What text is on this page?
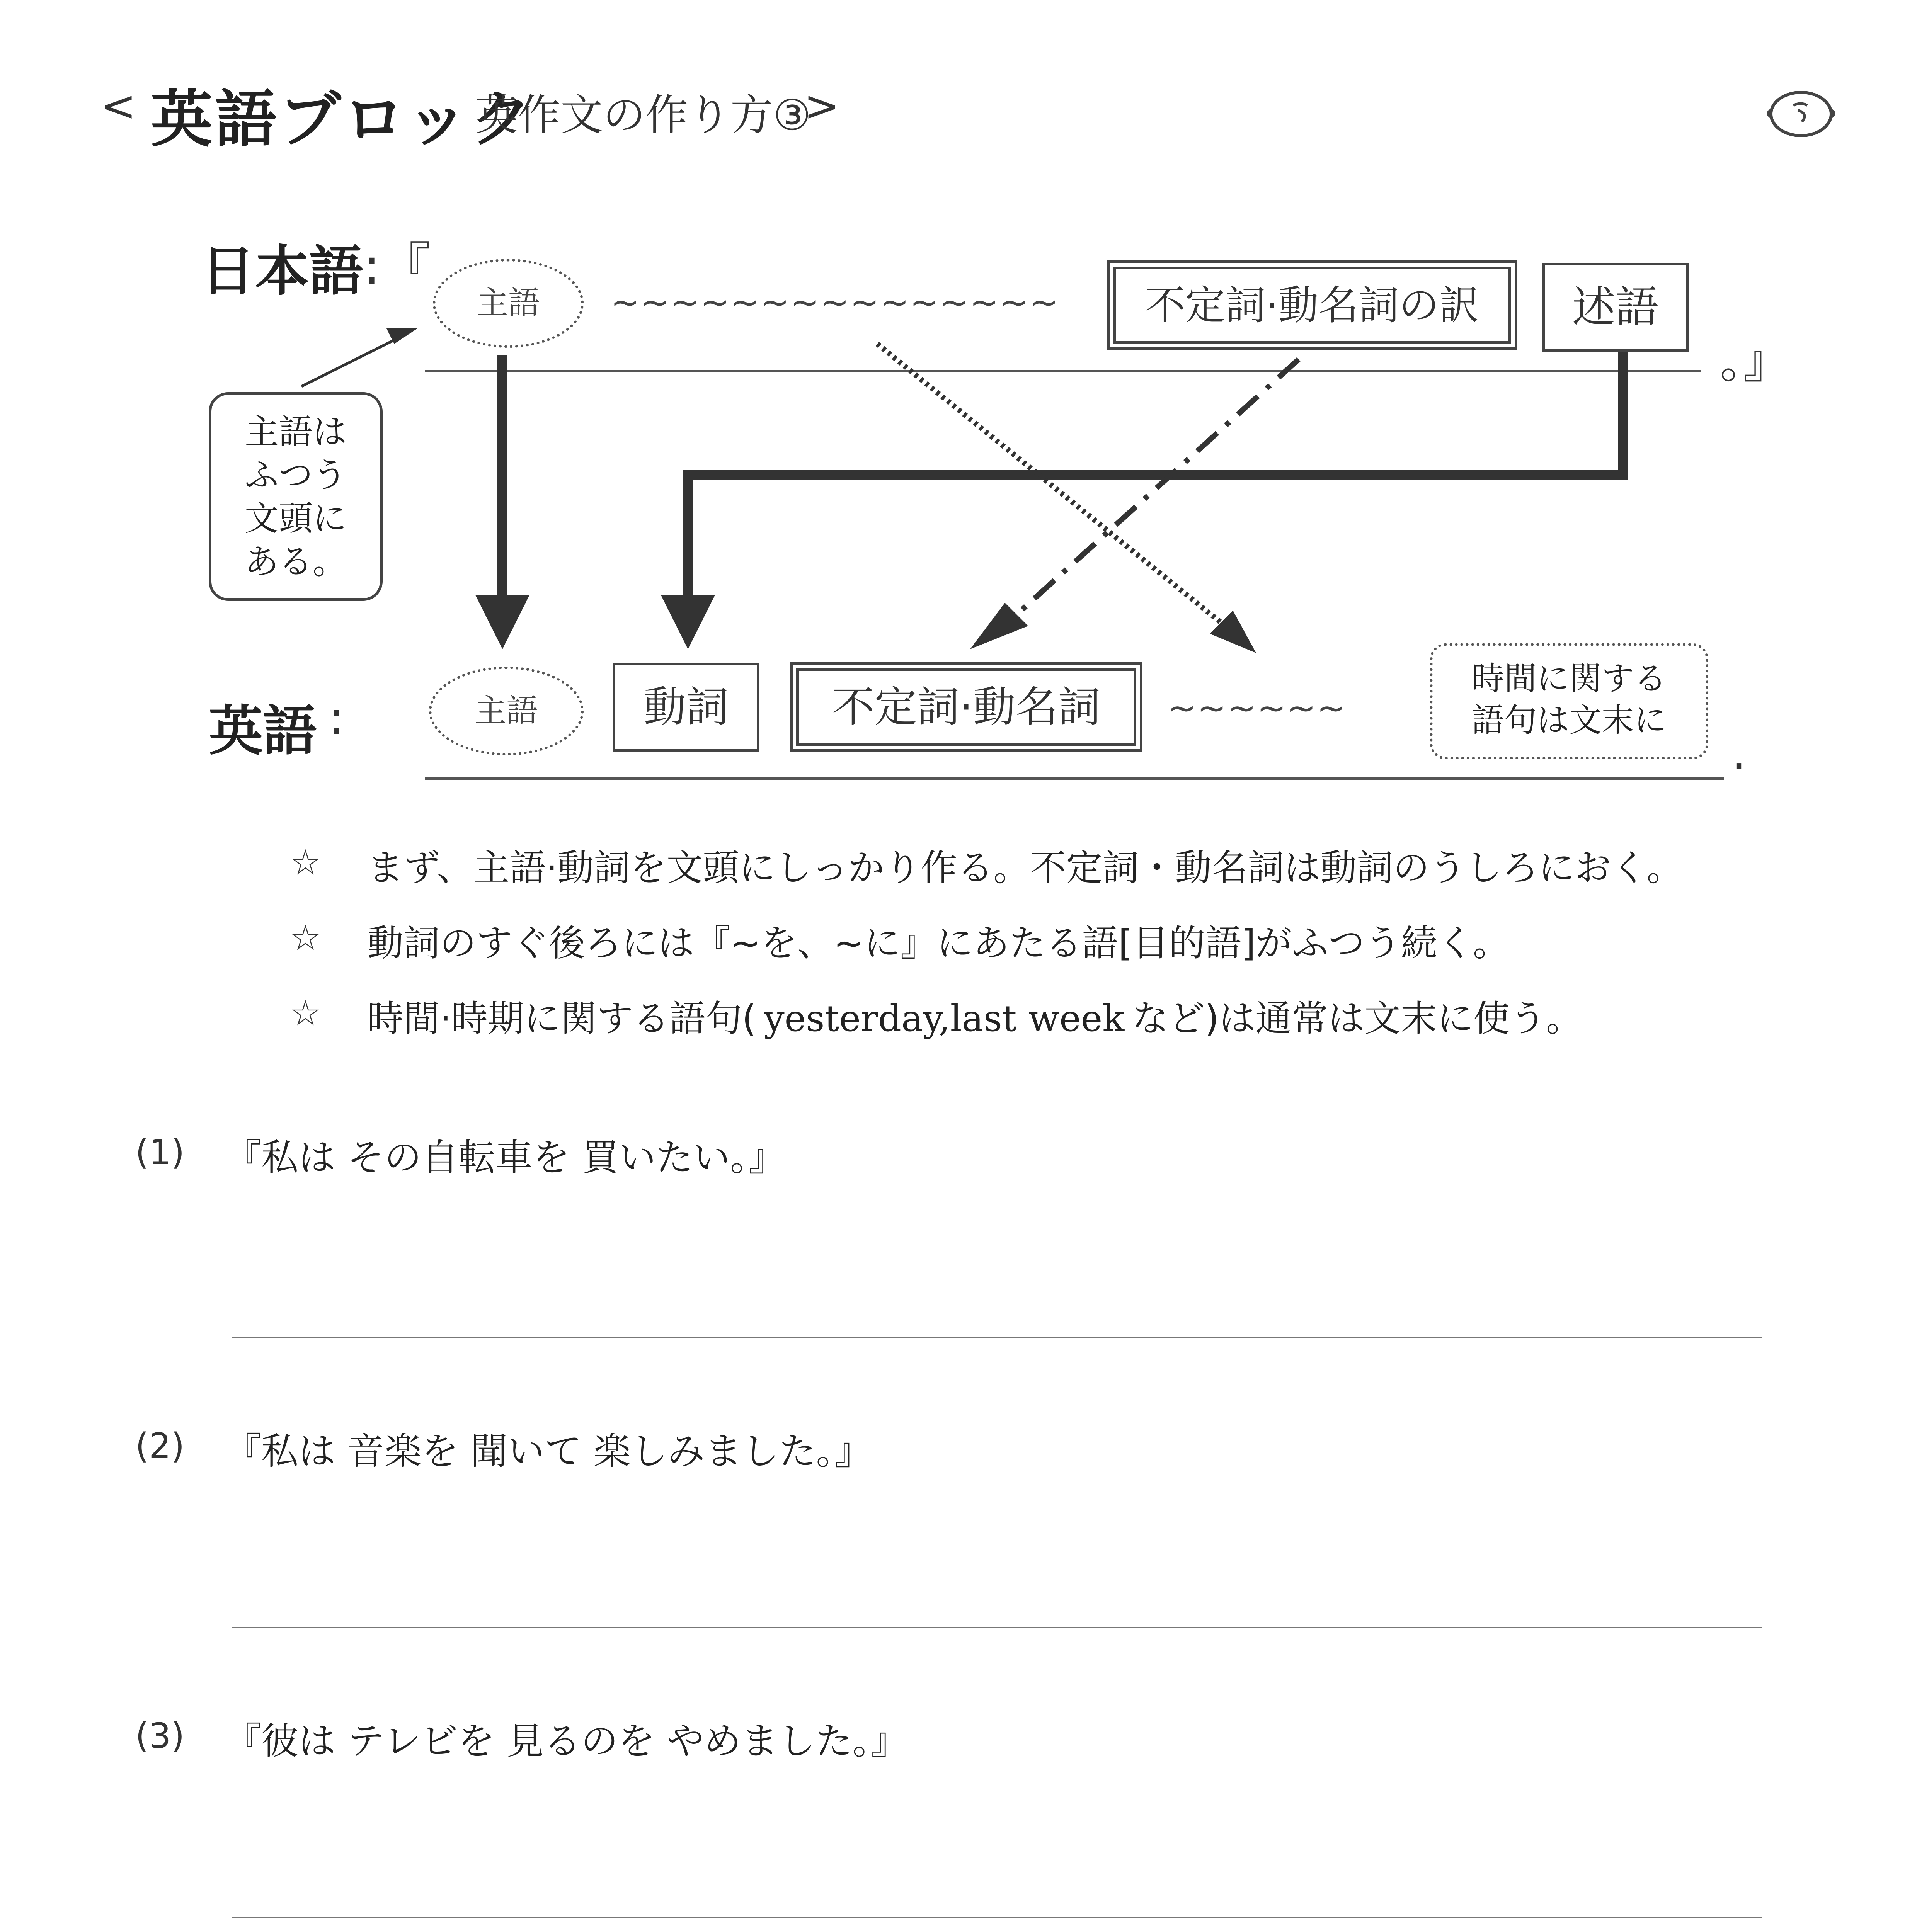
< 英語ブロック
英作文の作り方③
>
日本語 :『
主語	~~~~~~~~~~~~~~~	不定詞·動名詞の訳	述語
。』
主語は
ふつう
文頭に
ある。
英語 :	主語	動詞	不定詞·動名詞	~~~~~~
時間に関する
語句は文末に
.
☆ まず、主語·動詞を文頭にしっかり作る。不定詞・動名詞は動詞のうしろにおく。
☆ 動詞のすぐ後ろには『~を、~に』にあたる語[目的語]がふつう続く。
☆ 時間·時期に関する語句( yesterday,last week など)は通常は文末に使う。
(1) 『私は その自転車を 買いたい。』
(2) 『私は 音楽を 聞いて 楽しみました。』
(3) 『彼は テレビを 見るのを やめました。』
